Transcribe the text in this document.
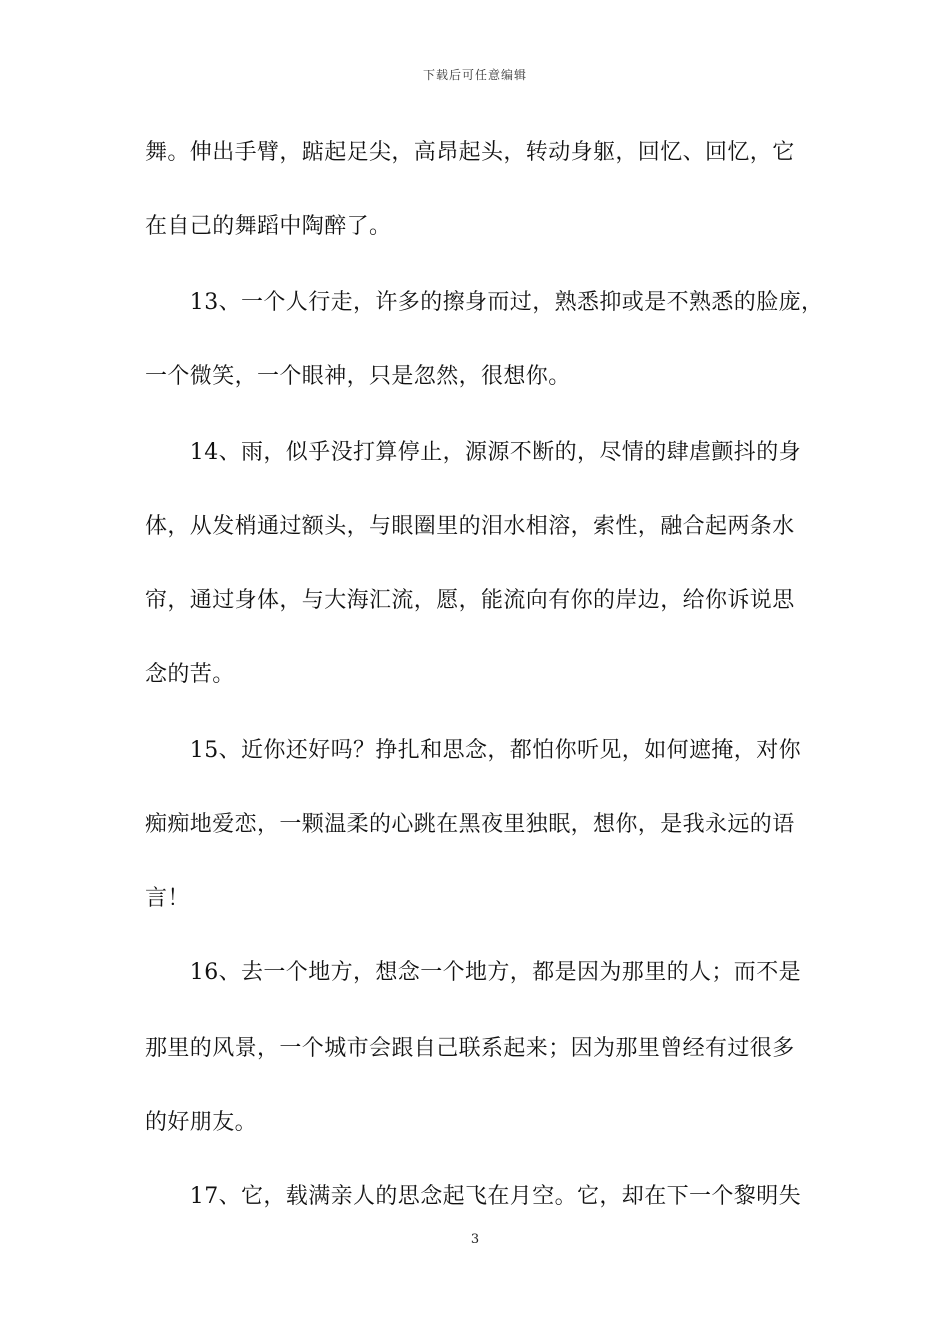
下载后可任意编辑
舞。伸出手臂，踮起足尖，高昂起头，转动身躯，回忆、回忆，它
在自己的舞蹈中陶醉了。
　　13、一个人行走，许多的擦身而过，熟悉抑或是不熟悉的脸庞，
一个微笑，一个眼神，只是忽然，很想你。
　　14、雨，似乎没打算停止，源源不断的，尽情的肆虐颤抖的身
体，从发梢通过额头，与眼圈里的泪水相溶，索性，融合起两条水
帘，通过身体，与大海汇流，愿，能流向有你的岸边，给你诉说思
念的苦。
　　15、近你还好吗？挣扎和思念，都怕你听见，如何遮掩，对你
痴痴地爱恋，一颗温柔的心跳在黑夜里独眠，想你，是我永远的语
言！
　　16、去一个地方，想念一个地方，都是因为那里的人；而不是
那里的风景，一个城市会跟自己联系起来；因为那里曾经有过很多
的好朋友。
　　17、它，载满亲人的思念起飞在月空。它，却在下一个黎明失
3
